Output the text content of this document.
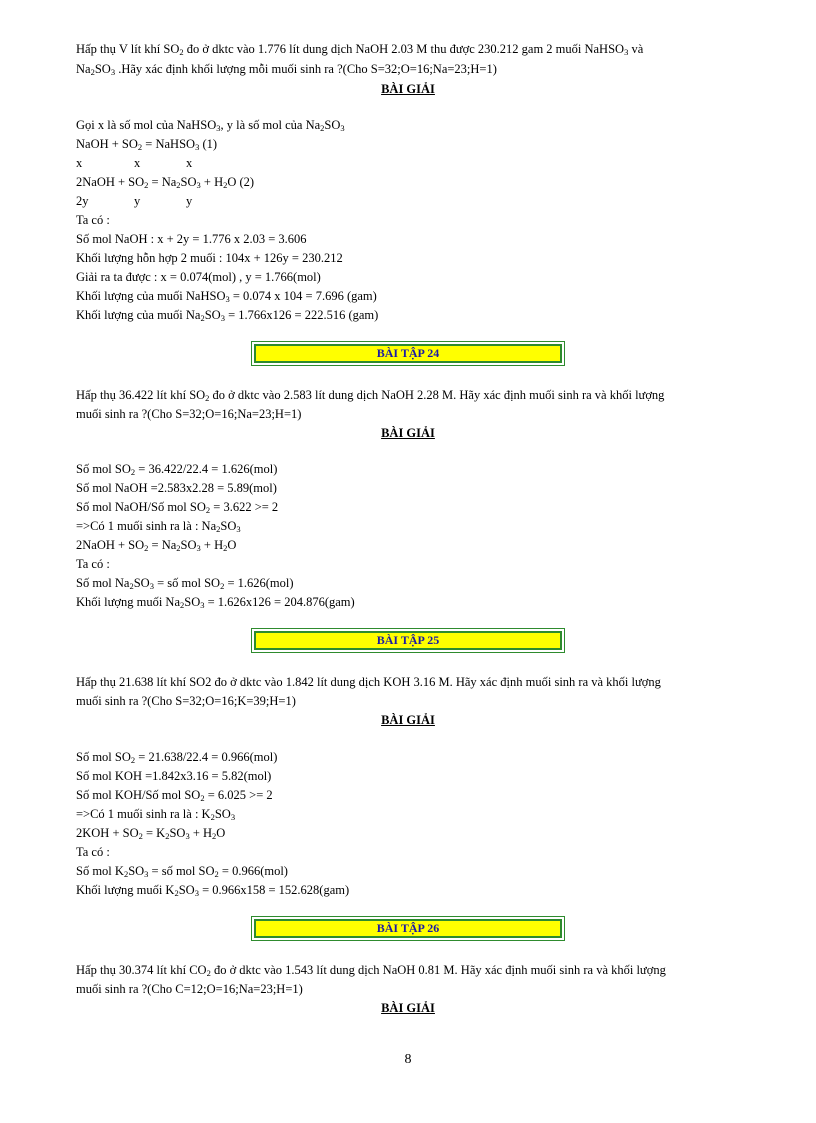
Hấp thụ V lít khí $SO_2$ đo ở dktc vào 1.776 lít dung dịch NaOH 2.03 M thu được 230.212 gam 2 muối NaHSO$_3$ và
$Na_2SO_3$ .Hãy xác định khối lượng mỗi muối sinh ra ?(Cho S=32;O=16;Na=23;H=1)
BÀI GIẢI
Gọi x là số mol của NaHSO$_3$, y là số mol của $Na_2SO_3$
NaOH + $SO_2$ = NaHSO$_3$ (1)
x	x	x
2NaOH + $SO_2 = Na_2SO_3 + H_2O$ (2)
2y	y	y
Ta có :
Số mol NaOH : x + 2y = 1.776 x 2.03 = 3.606
Khối lượng hỗn hợp 2 muối : 104x + 126y = 230.212
Giải ra ta được : x = 0.074(mol) , y = 1.766(mol)
Khối lượng của muối NaHSO$_3$ = 0.074 x 104 = 7.696 (gam)
Khối lượng của muối $Na_2SO_3 = 1.766x126 = 222.516$ (gam)
BÀI TẬP 24
Hấp thụ 36.422 lít khí $SO_2$ đo ở dktc vào 2.583 lít dung dịch NaOH 2.28 M. Hãy xác định muối sinh ra và khối lượng
muối sinh ra ?(Cho S=32;O=16;Na=23;H=1)
BÀI GIẢI
Số mol $SO_2 = 36.422/22.4 = 1.626(mol)$
Số mol NaOH =2.583x2.28 = 5.89(mol)
Số mol NaOH/Số mol $SO_2 = 3.622 >= 2$
=>Có 1 muối sinh ra là : $Na_2SO_3$
2NaOH + $SO_2 = Na_2SO_3 + H_2O$
Ta có :
Số mol $Na_2SO_3$ = số mol $SO_2 = 1.626(mol)$
Khối lượng muối $Na_2SO_3 = 1.626x126 = 204.876(gam)$
BÀI TẬP 25
Hấp thụ 21.638 lít khí SO2 đo ở dktc vào 1.842 lít dung dịch KOH 3.16 M. Hãy xác định muối sinh ra và khối lượng
muối sinh ra ?(Cho S=32;O=16;K=39;H=1)
BÀI GIẢI
Số mol $SO_2 = 21.638/22.4 = 0.966(mol)$
Số mol KOH =1.842x3.16 = 5.82(mol)
Số mol KOH/Số mol $SO_2 = 6.025 >= 2$
=>Có 1 muối sinh ra là : $K_2SO_3$
$2KOH + SO_2 = K_2SO_3 + H_2O$
Ta có :
Số mol $K_2SO_3$ = số mol $SO_2 = 0.966(mol)$
Khối lượng muối $K_2SO_3 = 0.966x158 = 152.628(gam)$
BÀI TẬP 26
Hấp thụ 30.374 lít khí $CO_2$ đo ở dktc vào 1.543 lít dung dịch NaOH 0.81 M. Hãy xác định muối sinh ra và khối lượng
muối sinh ra ?(Cho C=12;O=16;Na=23;H=1)
BÀI GIẢI
8
